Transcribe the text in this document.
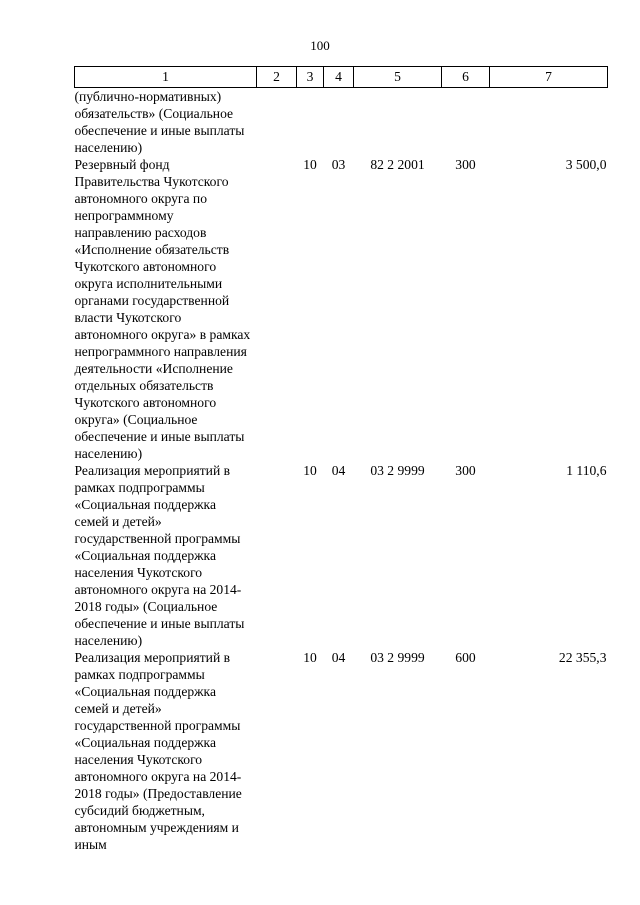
100
1	2	3	4	5	6	7
(публично-нормативных) обязательств» (Социальное обеспечение и иные выплаты населению)						
Резервный фонд Правительства Чукотского автономного округа по непрограммному направлению расходов «Исполнение обязательств Чукотского автономного округа исполнительными органами государственной власти Чукотского автономного округа» в рамках непрограммного направления деятельности «Исполнение отдельных обязательств Чукотского автономного округа» (Социальное обеспечение и иные выплаты населению)		10	03	82 2 2001	300	3 500,0
Реализация мероприятий в рамках подпрограммы «Социальная поддержка семей и детей» государственной программы «Социальная поддержка населения Чукотского автономного округа на 2014-2018 годы» (Социальное обеспечение и иные выплаты населению)		10	04	03 2 9999	300	1 110,6
Реализация мероприятий в рамках подпрограммы «Социальная поддержка семей и детей» государственной программы «Социальная поддержка населения Чукотского автономного округа на 2014-2018 годы» (Предоставление субсидий бюджетным, автономным учреждениям и иным		10	04	03 2 9999	600	22 355,3
